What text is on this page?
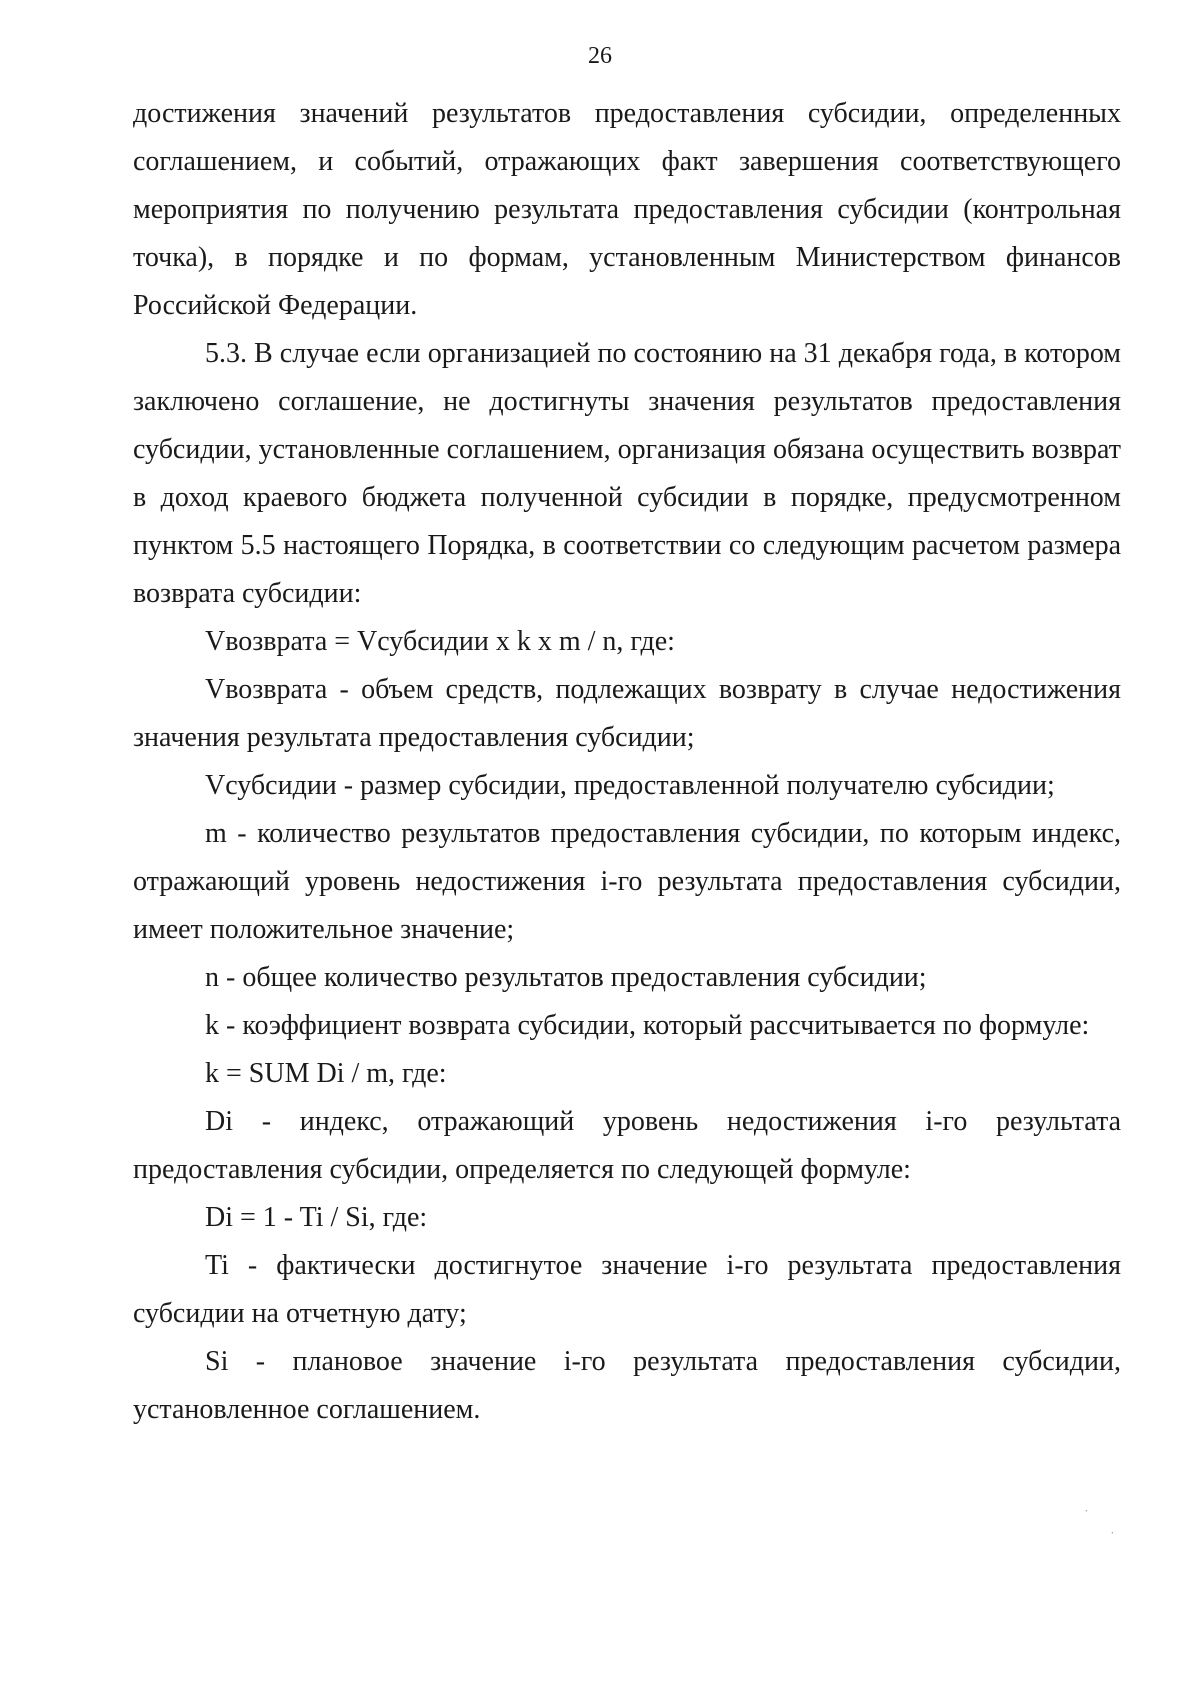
26

достижения значений результатов предоставления субсидии, определенных соглашением, и событий, отражающих факт завершения соответствующего мероприятия по получению результата предоставления субсидии (контрольная точка), в порядке и по формам, установленным Министерством финансов Российской Федерации.

5.3. В случае если организацией по состоянию на 31 декабря года, в котором заключено соглашение, не достигнуты значения результатов предоставления субсидии, установленные соглашением, организация обязана осуществить возврат в доход краевого бюджета полученной субсидии в порядке, предусмотренном пунктом 5.5 настоящего Порядка, в соответствии со следующим расчетом размера возврата субсидии:

Vвозврата = Vсубсидии x k x m / n, где:

Vвозврата - объем средств, подлежащих возврату в случае недостижения значения результата предоставления субсидии;

Vсубсидии - размер субсидии, предоставленной получателю субсидии;

m - количество результатов предоставления субсидии, по которым индекс, отражающий уровень недостижения i-го результата предоставления субсидии, имеет положительное значение;

n - общее количество результатов предоставления субсидии;

k - коэффициент возврата субсидии, который рассчитывается по формуле:

k = SUM Di / m, где:

Di - индекс, отражающий уровень недостижения i-го результата предоставления субсидии, определяется по следующей формуле:

Di = 1 - Ti / Si, где:

Ti - фактически достигнутое значение i-го результата предоставления субсидии на отчетную дату;

Si - плановое значение i-го результата предоставления субсидии, установленное соглашением.

˙
˙
